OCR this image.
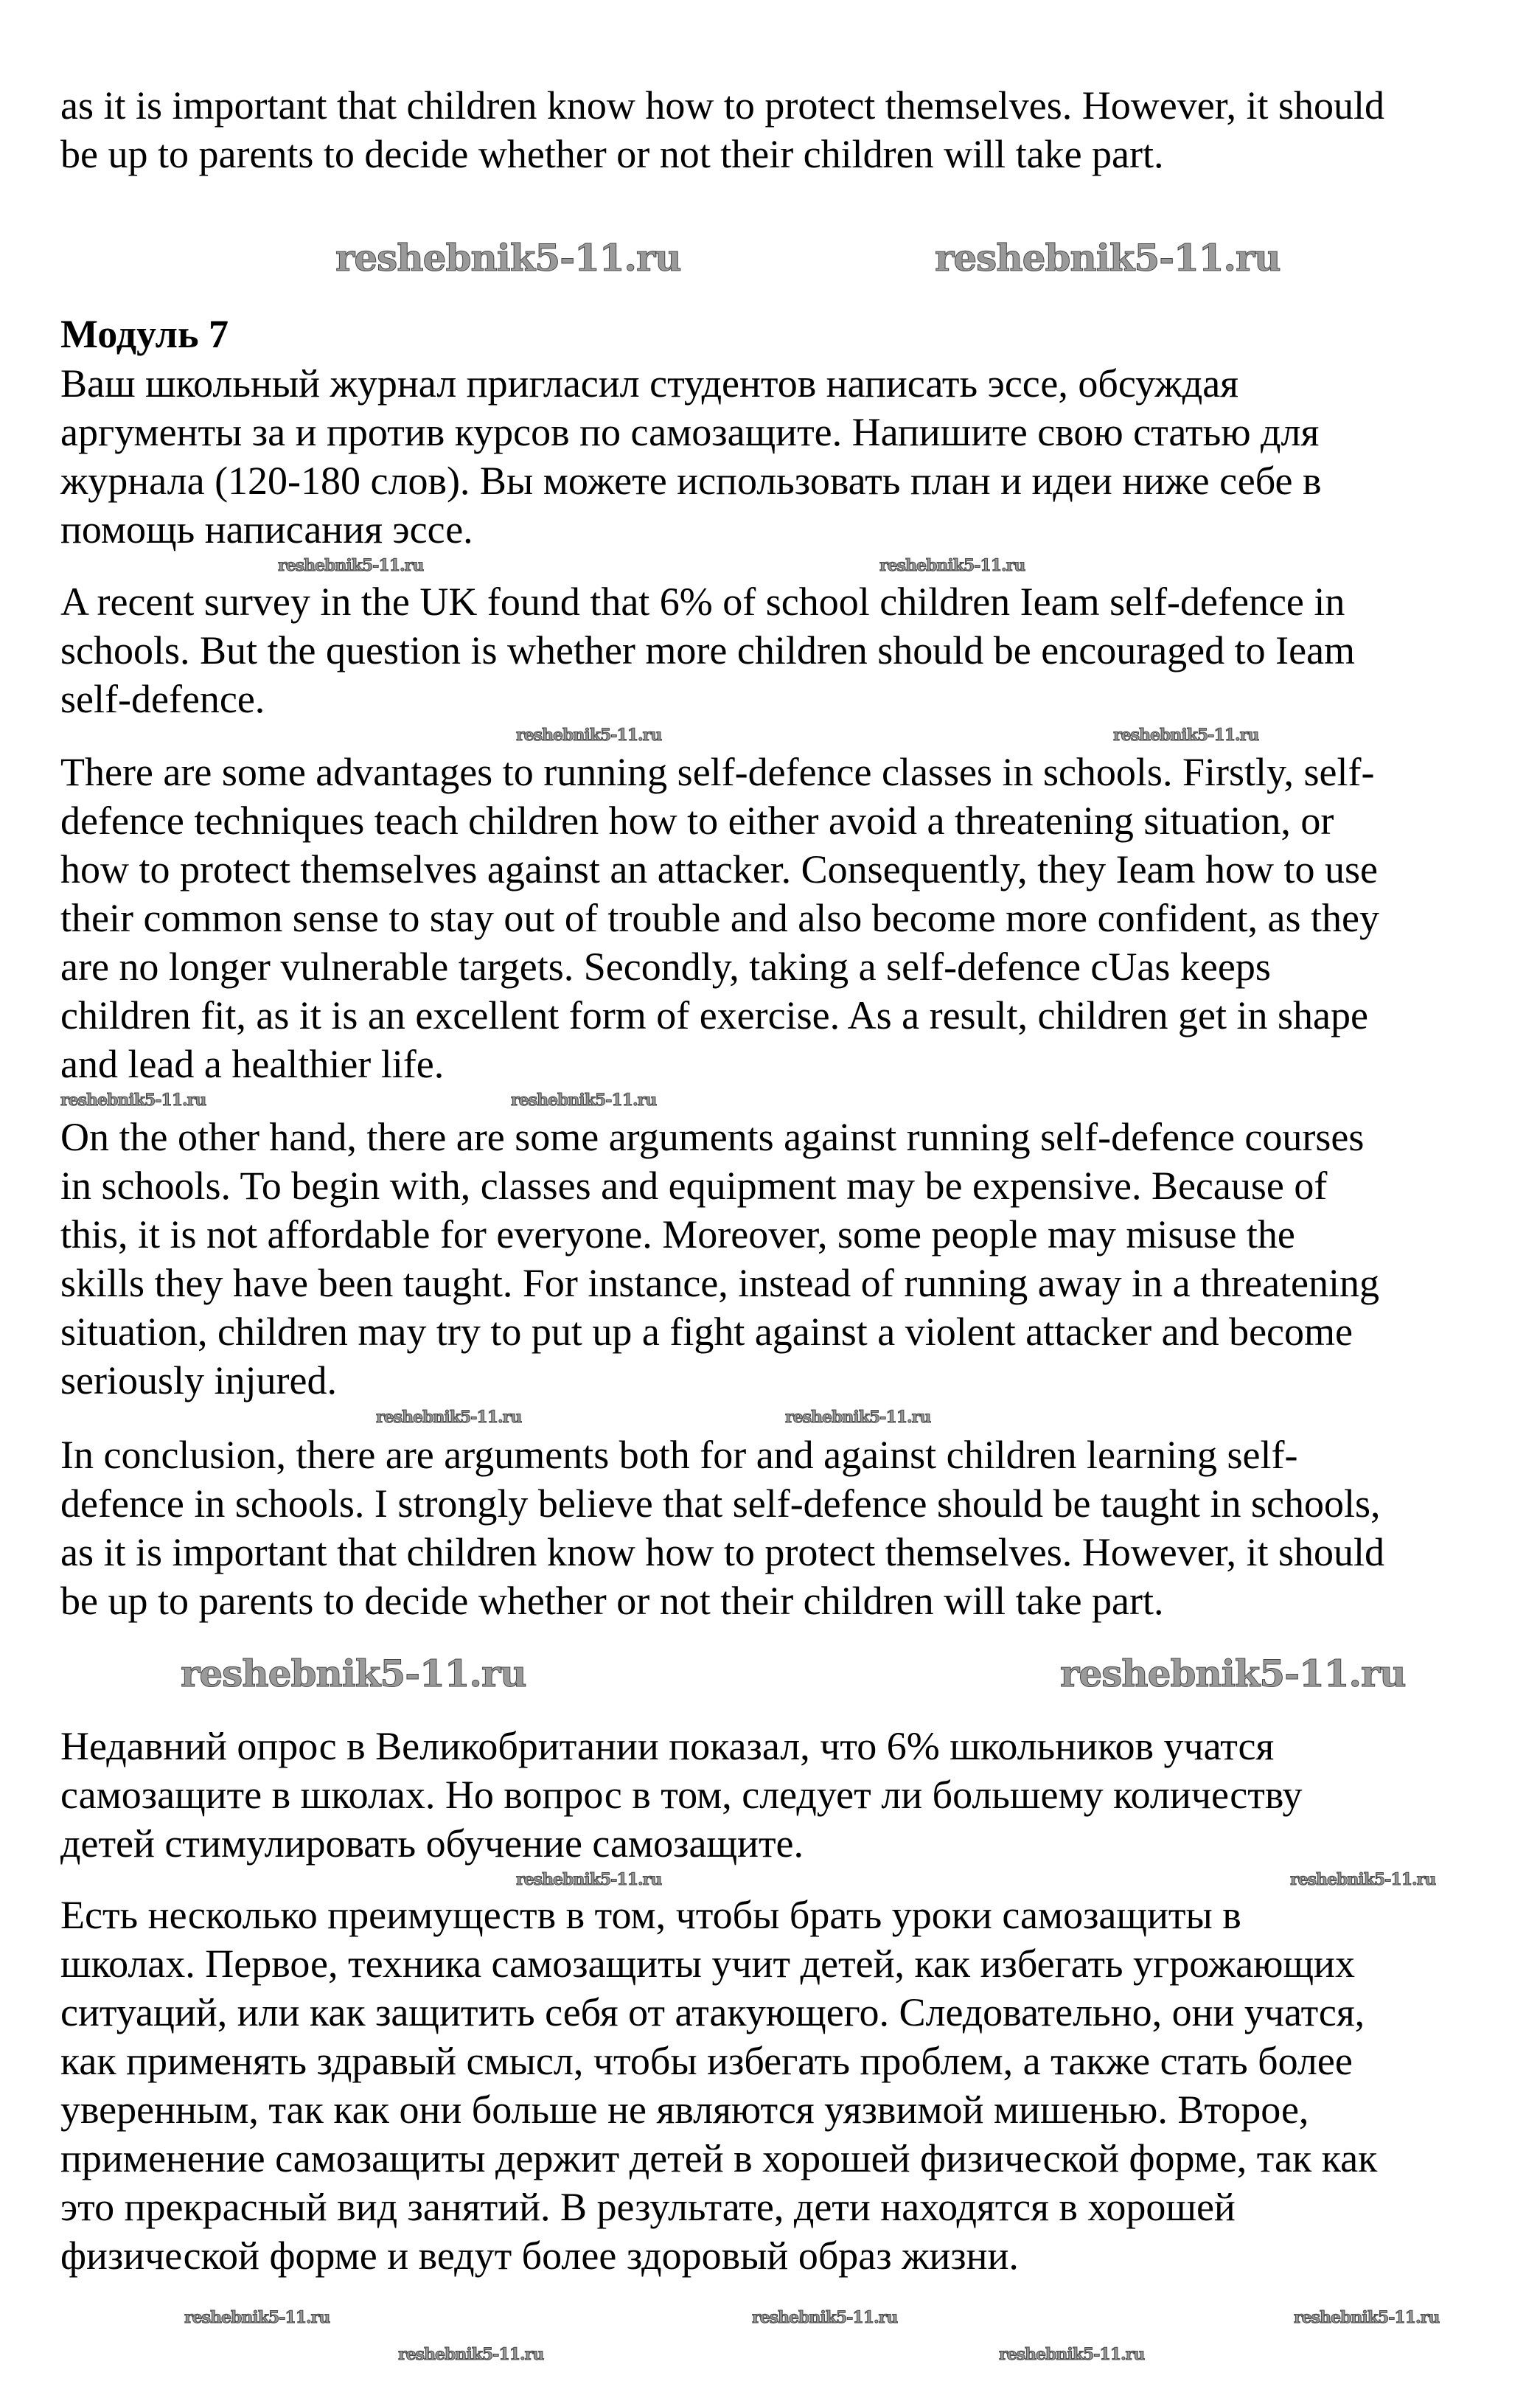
as it is important that children know how to protect themselves. However, it should
be up to parents to decide whether or not their children will take part.
Модуль 7
Ваш школьный журнал пригласил студентов написать эссе, обсуждая
аргументы за и против курсов по самозащите. Напишите свою статью для
журнала (120-180 слов). Вы можете использовать план и идеи ниже себе в
помощь написания эссе.
A recent survey in the UK found that 6% of school children Ieam self-defence in
schools. But the question is whether more children should be encouraged to Ieam
self-defence.
There are some advantages to running self-defence classes in schools. Firstly, self-
defence techniques teach children how to either avoid a threatening situation, or
how to protect themselves against an attacker. Consequently, they Ieam how to use
their common sense to stay out of trouble and also become more confident, as they
are no longer vulnerable targets. Secondly, taking a self-defence cUas keeps
children fit, as it is an excellent form of exercise. As a result, children get in shape
and lead a healthier life.
On the other hand, there are some arguments against running self-defence courses
in schools. To begin with, classes and equipment may be expensive. Because of
this, it is not affordable for everyone. Moreover, some people may misuse the
skills they have been taught. For instance, instead of running away in a threatening
situation, children may try to put up a fight against a violent attacker and become
seriously injured.
In conclusion, there are arguments both for and against children learning self-
defence in schools. I strongly believe that self-defence should be taught in schools,
as it is important that children know how to protect themselves. However, it should
be up to parents to decide whether or not their children will take part.
Недавний опрос в Великобритании показал, что 6% школьников учатся
самозащите в школах. Но вопрос в том, следует ли большему количеству
детей стимулировать обучение самозащите.
Есть несколько преимуществ в том, чтобы брать уроки самозащиты в
школах. Первое, техника самозащиты учит детей, как избегать угрожающих
ситуаций, или как защитить себя от атакующего. Следовательно, они учатся,
как применять здравый смысл, чтобы избегать проблем, а также стать более
уверенным, так как они больше не являются уязвимой мишенью. Второе,
применение самозащиты держит детей в хорошей физической форме, так как
это прекрасный вид занятий. В результате, дети находятся в хорошей
физической форме и ведут более здоровый образ жизни.
reshebnik5-11.ru	reshebnik5-11.ru
reshebnik5-11.ru	reshebnik5-11.ru
reshebnik5-11.ru
reshebnik5-11.ru
reshebnik5-11.ru	reshebnik5-11.ru
reshebnik5-11.ru	reshebnik5-11.ru
reshebnik5-11.ru	reshebnik5-11.ru
reshebnik5-11.ru	reshebnik5-11.ru
reshebnik5-11.ru	reshebnik5-11.ru	reshebnik5-11.ru
reshebnik5-11.ru	reshebnik5-11.ru
